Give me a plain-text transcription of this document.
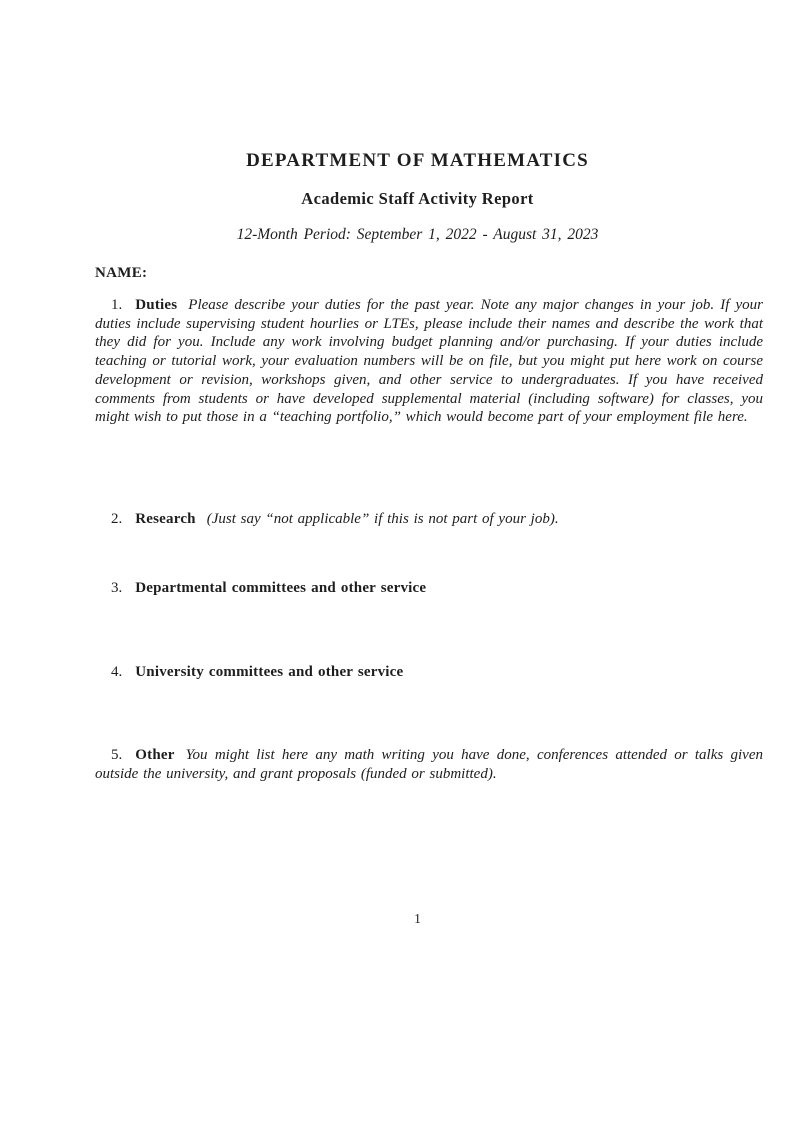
DEPARTMENT OF MATHEMATICS
Academic Staff Activity Report
12-Month Period: September 1, 2022 - August 31, 2023
NAME:

1. Duties Please describe your duties for the past year. Note any major changes in your job. If your duties include supervising student hourlies or LTEs, please include their names and describe the work that they did for you. Include any work involving budget planning and/or purchasing. If your duties include teaching or tutorial work, your evaluation numbers will be on file, but you might put here work on course development or revision, workshops given, and other service to undergraduates. If you have received comments from students or have developed supplemental material (including software) for classes, you might wish to put those in a “teaching portfolio,” which would become part of your employment file here.

2. Research (Just say “not applicable” if this is not part of your job).

3. Departmental committees and other service

4. University committees and other service

5. Other You might list here any math writing you have done, conferences attended or talks given outside the university, and grant proposals (funded or submitted).

1
